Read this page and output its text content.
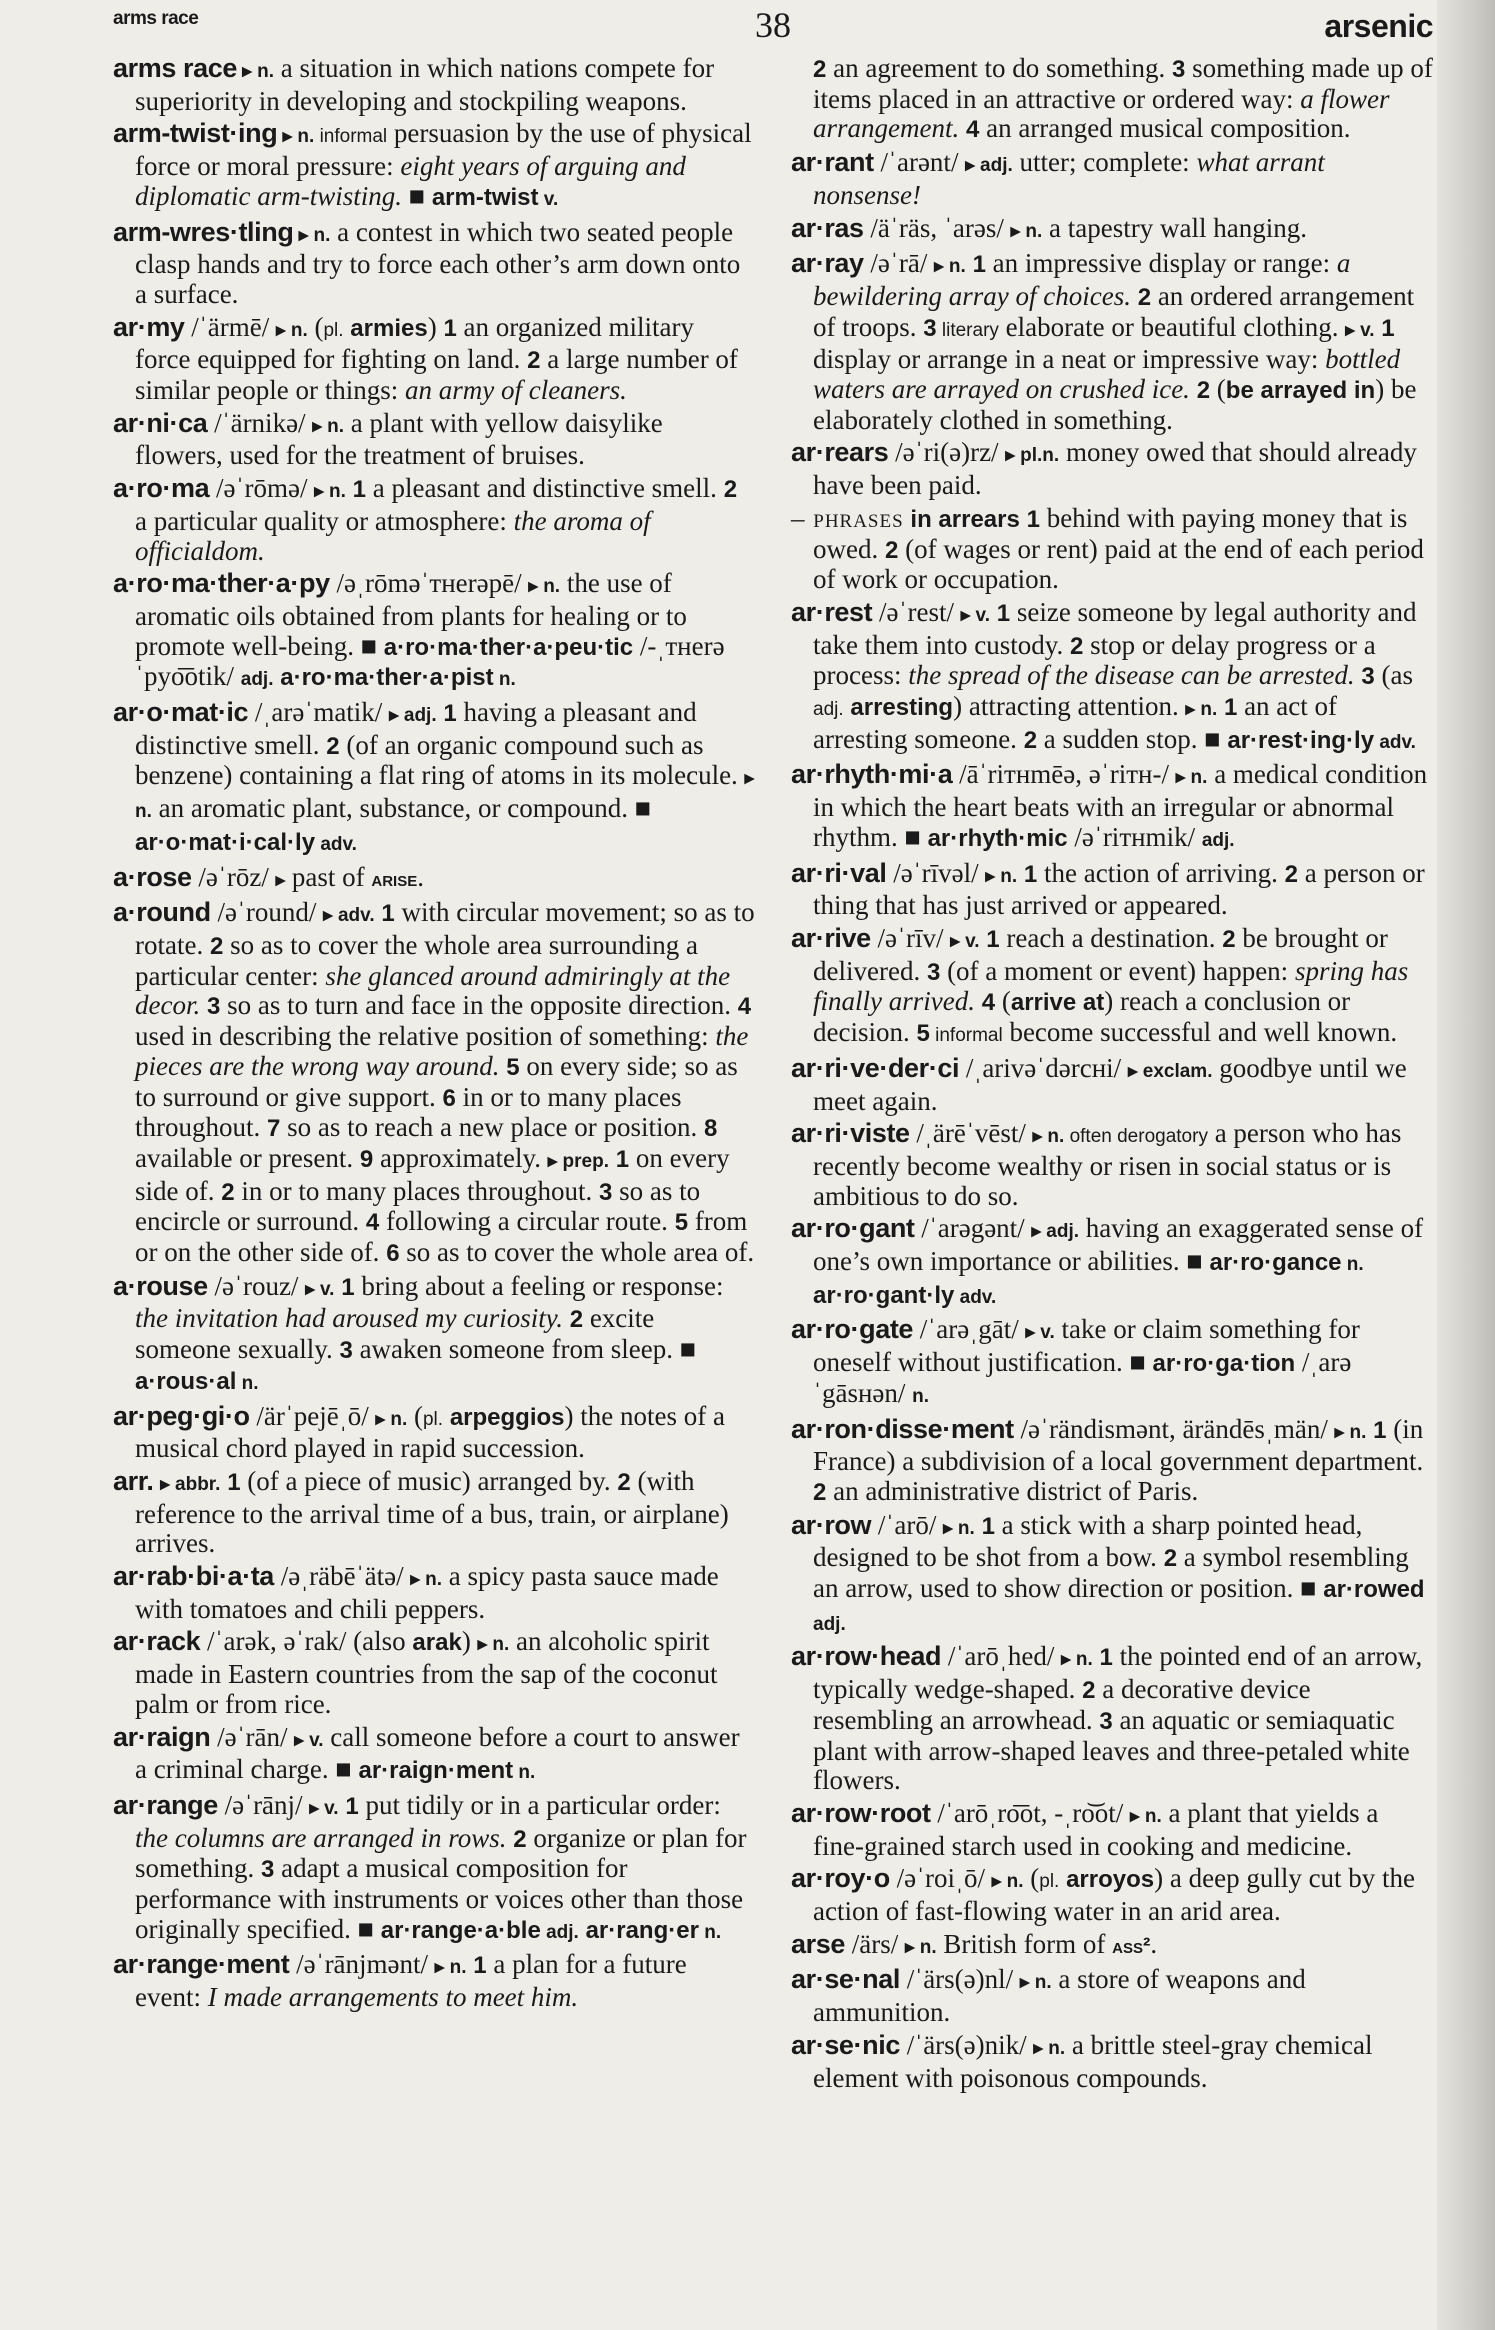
arms race	38	arsenic
arms race ▸ n. a situation in which nations compete for superiority in developing and stockpiling weapons.
arm-twist·ing ▸ n. informal persuasion by the use of physical force or moral pressure: eight years of arguing and diplomatic arm-twisting. ■ arm-twist v.
arm-wres·tling ▸ n. a contest in which two seated people clasp hands and try to force each other’s arm down onto a surface.
ar·my /ˈärmē/ ▸ n. (pl. armies) 1 an organized military force equipped for fighting on land. 2 a large number of similar people or things: an army of cleaners.
ar·ni·ca /ˈärnikə/ ▸ n. a plant with yellow daisylike flowers, used for the treatment of bruises.
a·ro·ma /əˈrōmə/ ▸ n. 1 a pleasant and distinctive smell. 2 a particular quality or atmosphere: the aroma of officialdom.
a·ro·ma·ther·a·py /əˌrōməˈᴛʜerəpē/ ▸ n. the use of aromatic oils obtained from plants for healing or to promote well-being. ■ a·ro·ma·ther·a·peu·tic /-ˌᴛʜerəˈpyo͞otik/ adj. a·ro·ma·ther·a·pist n.
ar·o·mat·ic /ˌarəˈmatik/ ▸ adj. 1 having a pleasant and distinctive smell. 2 (of an organic compound such as benzene) containing a flat ring of atoms in its molecule. ▸ n. an aromatic plant, substance, or compound. ■ ar·o·mat·i·cal·ly adv.
a·rose /əˈrōz/ ▸ past of arise.
a·round /əˈround/ ▸ adv. 1 with circular movement; so as to rotate. 2 so as to cover the whole area surrounding a particular center: she glanced around admiringly at the decor. 3 so as to turn and face in the opposite direction. 4 used in describing the relative position of something: the pieces are the wrong way around. 5 on every side; so as to surround or give support. 6 in or to many places throughout. 7 so as to reach a new place or position. 8 available or present. 9 approximately. ▸ prep. 1 on every side of. 2 in or to many places throughout. 3 so as to encircle or surround. 4 following a circular route. 5 from or on the other side of. 6 so as to cover the whole area of.
a·rouse /əˈrouz/ ▸ v. 1 bring about a feeling or response: the invitation had aroused my curiosity. 2 excite someone sexually. 3 awaken someone from sleep. ■ a·rous·al n.
ar·peg·gi·o /ärˈpejēˌō/ ▸ n. (pl. arpeggios) the notes of a musical chord played in rapid succession.
arr. ▸ abbr. 1 (of a piece of music) arranged by. 2 (with reference to the arrival time of a bus, train, or airplane) arrives.
ar·rab·bi·a·ta /əˌräbēˈätə/ ▸ n. a spicy pasta sauce made with tomatoes and chili peppers.
ar·rack /ˈarək, əˈrak/ (also arak) ▸ n. an alcoholic spirit made in Eastern countries from the sap of the coconut palm or from rice.
ar·raign /əˈrān/ ▸ v. call someone before a court to answer a criminal charge. ■ ar·raign·ment n.
ar·range /əˈrānj/ ▸ v. 1 put tidily or in a particular order: the columns are arranged in rows. 2 organize or plan for something. 3 adapt a musical composition for performance with instruments or voices other than those originally specified. ■ ar·range·a·ble adj. ar·rang·er n.
ar·range·ment /əˈrānjmənt/ ▸ n. 1 a plan for a future event: I made arrangements to meet him.
2 an agreement to do something. 3 something made up of items placed in an attractive or ordered way: a flower arrangement. 4 an arranged musical composition.
ar·rant /ˈarənt/ ▸ adj. utter; complete: what arrant nonsense!
ar·ras /äˈräs, ˈarəs/ ▸ n. a tapestry wall hanging.
ar·ray /əˈrā/ ▸ n. 1 an impressive display or range: a bewildering array of choices. 2 an ordered arrangement of troops. 3 literary elaborate or beautiful clothing. ▸ v. 1 display or arrange in a neat or impressive way: bottled waters are arrayed on crushed ice. 2 (be arrayed in) be elaborately clothed in something.
ar·rears /əˈri(ə)rz/ ▸ pl.n. money owed that should already have been paid.
– phrases in arrears 1 behind with paying money that is owed. 2 (of wages or rent) paid at the end of each period of work or occupation.
ar·rest /əˈrest/ ▸ v. 1 seize someone by legal authority and take them into custody. 2 stop or delay progress or a process: the spread of the disease can be arrested. 3 (as adj. arresting) attracting attention. ▸ n. 1 an act of arresting someone. 2 a sudden stop. ■ ar·rest·ing·ly adv.
ar·rhyth·mi·a /āˈriᴛʜmēə, əˈriᴛʜ-/ ▸ n. a medical condition in which the heart beats with an irregular or abnormal rhythm. ■ ar·rhyth·mic /əˈriᴛʜmik/ adj.
ar·ri·val /əˈrīvəl/ ▸ n. 1 the action of arriving. 2 a person or thing that has just arrived or appeared.
ar·rive /əˈrīv/ ▸ v. 1 reach a destination. 2 be brought or delivered. 3 (of a moment or event) happen: spring has finally arrived. 4 (arrive at) reach a conclusion or decision. 5 informal become successful and well known.
ar·ri·ve·der·ci /ˌarivəˈdərcʜi/ ▸ exclam. goodbye until we meet again.
ar·ri·viste /ˌärēˈvēst/ ▸ n. often derogatory a person who has recently become wealthy or risen in social status or is ambitious to do so.
ar·ro·gant /ˈarəgənt/ ▸ adj. having an exaggerated sense of one’s own importance or abilities. ■ ar·ro·gance n. ar·ro·gant·ly adv.
ar·ro·gate /ˈarəˌgāt/ ▸ v. take or claim something for oneself without justification. ■ ar·ro·ga·tion /ˌarəˈgāsʜən/ n.
ar·ron·disse·ment /əˈrändismənt, ärändēsˌmän/ ▸ n. 1 (in France) a subdivision of a local government department. 2 an administrative district of Paris.
ar·row /ˈarō/ ▸ n. 1 a stick with a sharp pointed head, designed to be shot from a bow. 2 a symbol resembling an arrow, used to show direction or position. ■ ar·rowed adj.
ar·row·head /ˈarōˌhed/ ▸ n. 1 the pointed end of an arrow, typically wedge-shaped. 2 a decorative device resembling an arrowhead. 3 an aquatic or semiaquatic plant with arrow-shaped leaves and three-petaled white flowers.
ar·row·root /ˈarōˌro͞ot, -ˌro͝ot/ ▸ n. a plant that yields a fine-grained starch used in cooking and medicine.
ar·roy·o /əˈroiˌō/ ▸ n. (pl. arroyos) a deep gully cut by the action of fast-flowing water in an arid area.
arse /ärs/ ▸ n. British form of ass².
ar·se·nal /ˈärs(ə)nl/ ▸ n. a store of weapons and ammunition.
ar·se·nic /ˈärs(ə)nik/ ▸ n. a brittle steel-gray chemical element with poisonous compounds.
